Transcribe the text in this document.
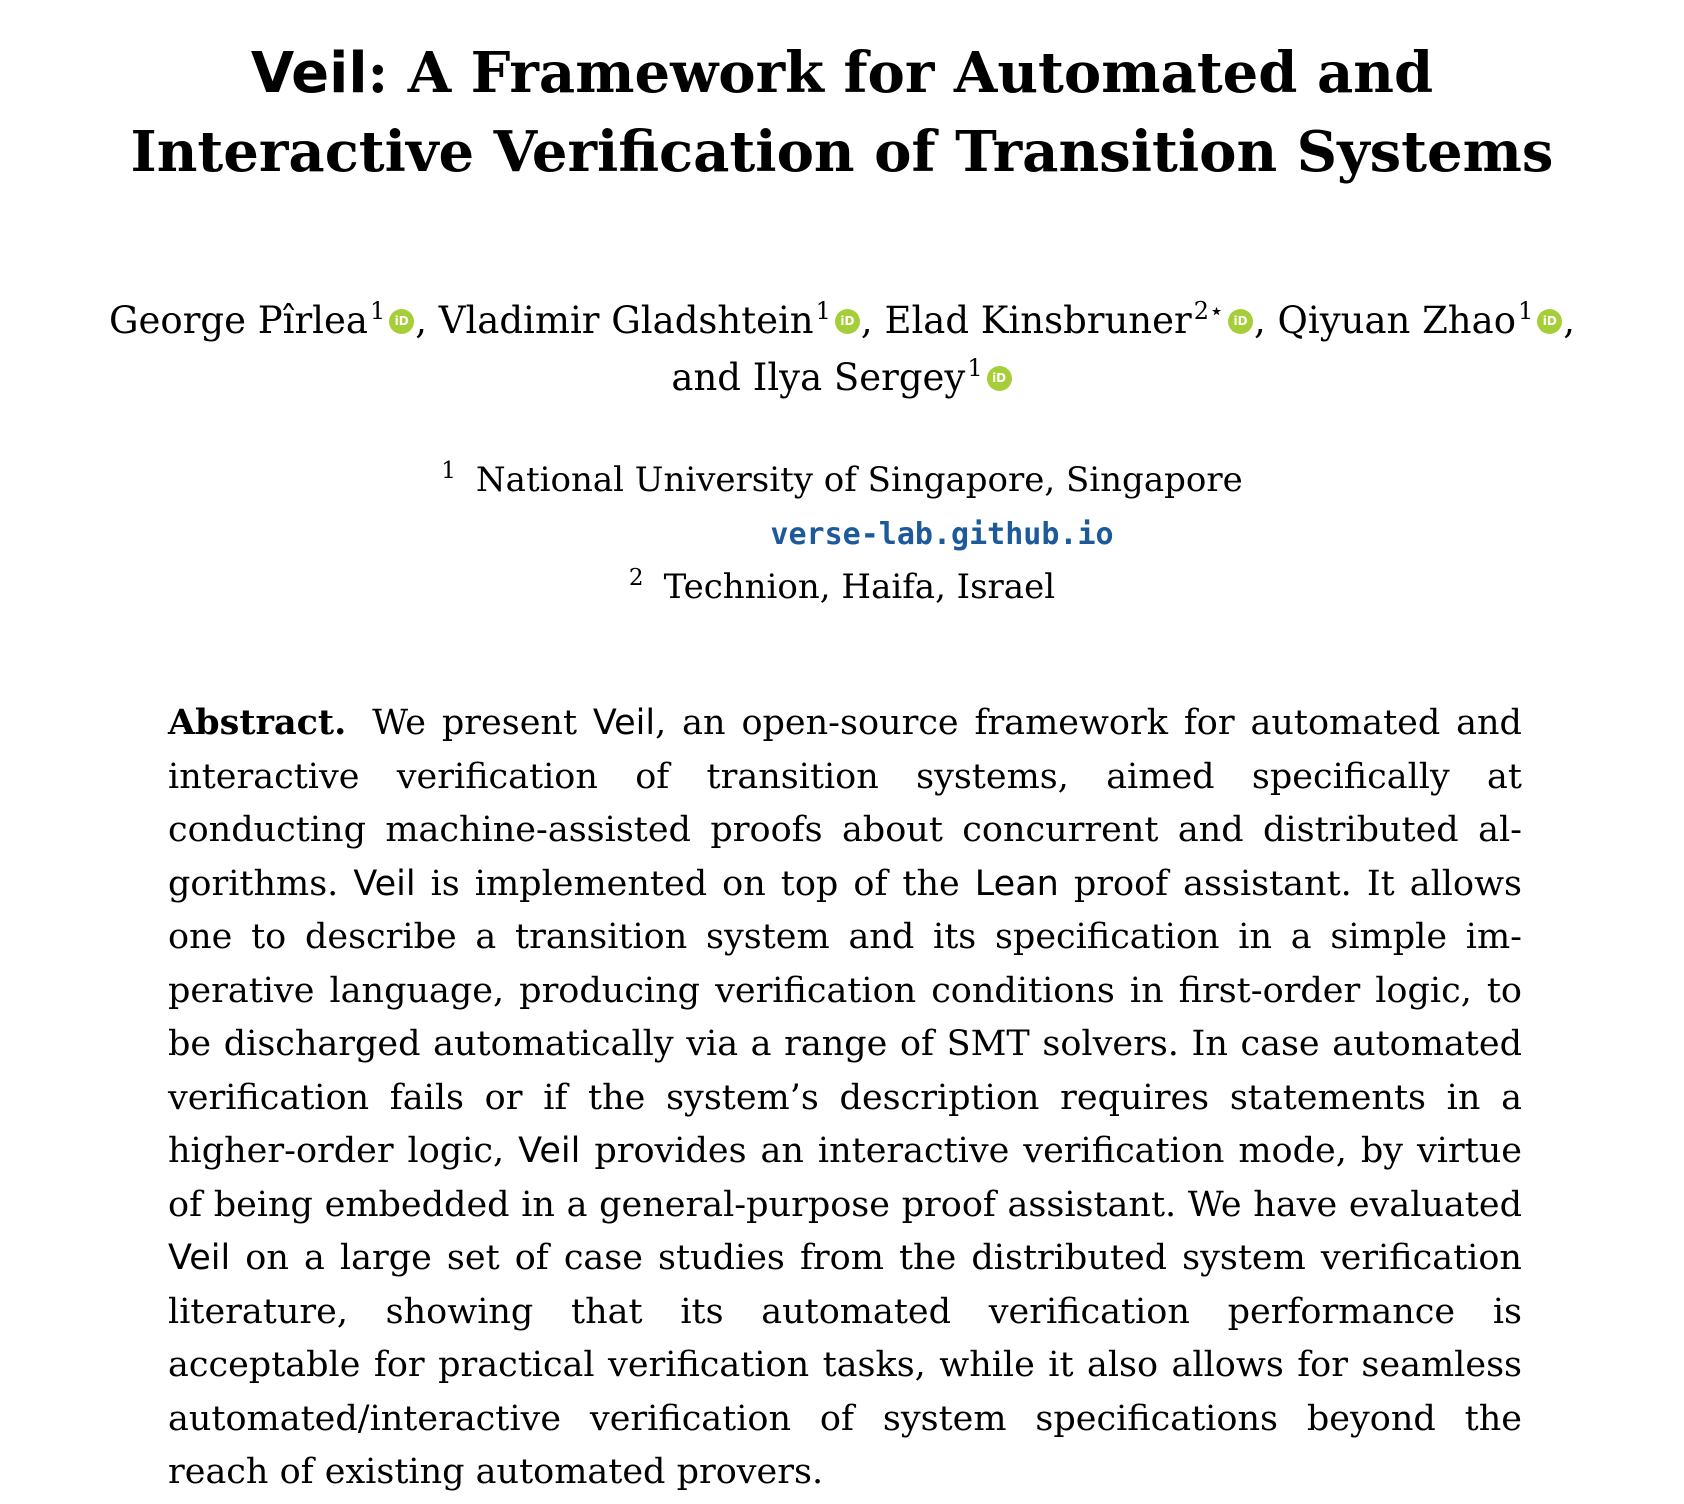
Veil: A Framework for Automated and
Interactive Verification of Transition Systems
George Pîrlea$^1$ iD , Vladimir Gladshtein$^1$ iD , Elad Kinsbruner$^{2⋆}$ iD , Qiyuan Zhao$^1$ iD ,
and Ilya Sergey$^1$ iD
$^1$ National University of Singapore, Singapore
verse-lab.github.io
$^2$ Technion, Haifa, Israel

Abstract. We present Veil, an open-source framework for automated and interactive verification of transition systems, aimed specifically at conducting machine-assisted proofs about concurrent and distributed algorithms. Veil is implemented on top of the Lean proof assistant. It allows one to describe a transition system and its specification in a simple imperative language, producing verification conditions in first-order logic, to be discharged automatically via a range of SMT solvers. In case automated verification fails or if the system’s description requires statements in a higher-order logic, Veil provides an interactive verification mode, by virtue of being embedded in a general-purpose proof assistant. We have evaluated Veil on a large set of case studies from the distributed system verification literature, showing that its automated verification performance is acceptable for practical verification tasks, while it also allows for seamless automated/interactive verification of system specifications beyond the reach of existing automated provers.
